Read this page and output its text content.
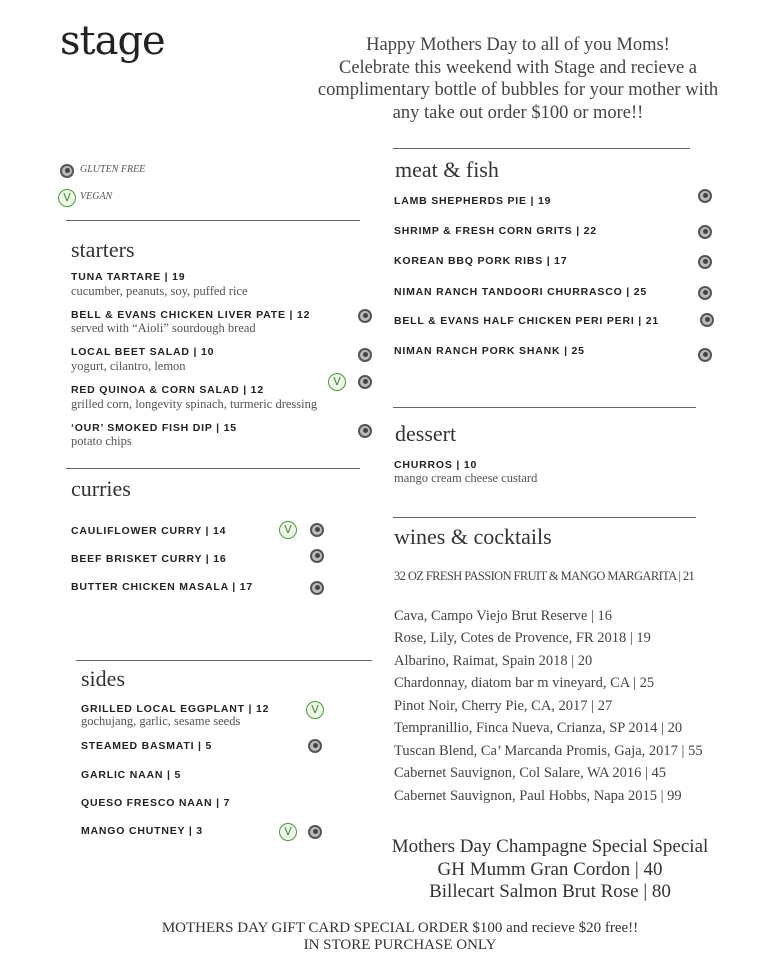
stage	Happy Mothers Day to all of you Moms!
Celebrate this weekend with Stage and recieve a
complimentary bottle of bubbles for your mother with
any take out order $100 or more!!
GLUTEN FREE
V VEGAN
starters
TUNA TARTARE | 19
cucumber, peanuts, soy, puffed rice
BELL & EVANS CHICKEN LIVER PATE | 12
served with “Aioli” sourdough bread
LOCAL BEET SALAD | 10
yogurt, cilantro, lemon
RED QUINOA & CORN SALAD | 12
grilled corn, longevity spinach, turmeric dressing
‘OUR’ SMOKED FISH DIP | 15
potato chips
V
curries
CAULIFLOWER CURRY | 14
BEEF BRISKET CURRY | 16
BUTTER CHICKEN MASALA | 17
V
sides
GRILLED LOCAL EGGPLANT | 12
gochujang, garlic, sesame seeds
STEAMED BASMATI | 5
GARLIC NAAN | 5
QUESO FRESCO NAAN | 7
MANGO CHUTNEY | 3
V
V
meat & fish
LAMB SHEPHERDS PIE | 19
SHRIMP & FRESH CORN GRITS | 22
KOREAN BBQ PORK RIBS | 17
NIMAN RANCH TANDOORI CHURRASCO | 25
BELL & EVANS HALF CHICKEN PERI PERI | 21
NIMAN RANCH PORK SHANK | 25
dessert
CHURROS | 10
mango cream cheese custard
wines & cocktails
32 OZ FRESH PASSION FRUIT & MANGO MARGARITA | 21
Cava, Campo Viejo Brut Reserve | 16
Rose, Lily, Cotes de Provence, FR 2018 | 19
Albarino, Raimat, Spain 2018 | 20
Chardonnay, diatom bar m vineyard, CA | 25
Pinot Noir, Cherry Pie, CA, 2017 | 27
Tempranillio, Finca Nueva, Crianza, SP 2014 | 20
Tuscan Blend, Ca’ Marcanda Promis, Gaja, 2017 | 55
Cabernet Sauvignon, Col Salare, WA 2016 | 45
Cabernet Sauvignon, Paul Hobbs, Napa 2015 | 99
Mothers Day Champagne Special Special
GH Mumm Gran Cordon | 40
Billecart Salmon Brut Rose | 80
MOTHERS DAY GIFT CARD SPECIAL ORDER $100 and recieve $20 free!!
IN STORE PURCHASE ONLY
